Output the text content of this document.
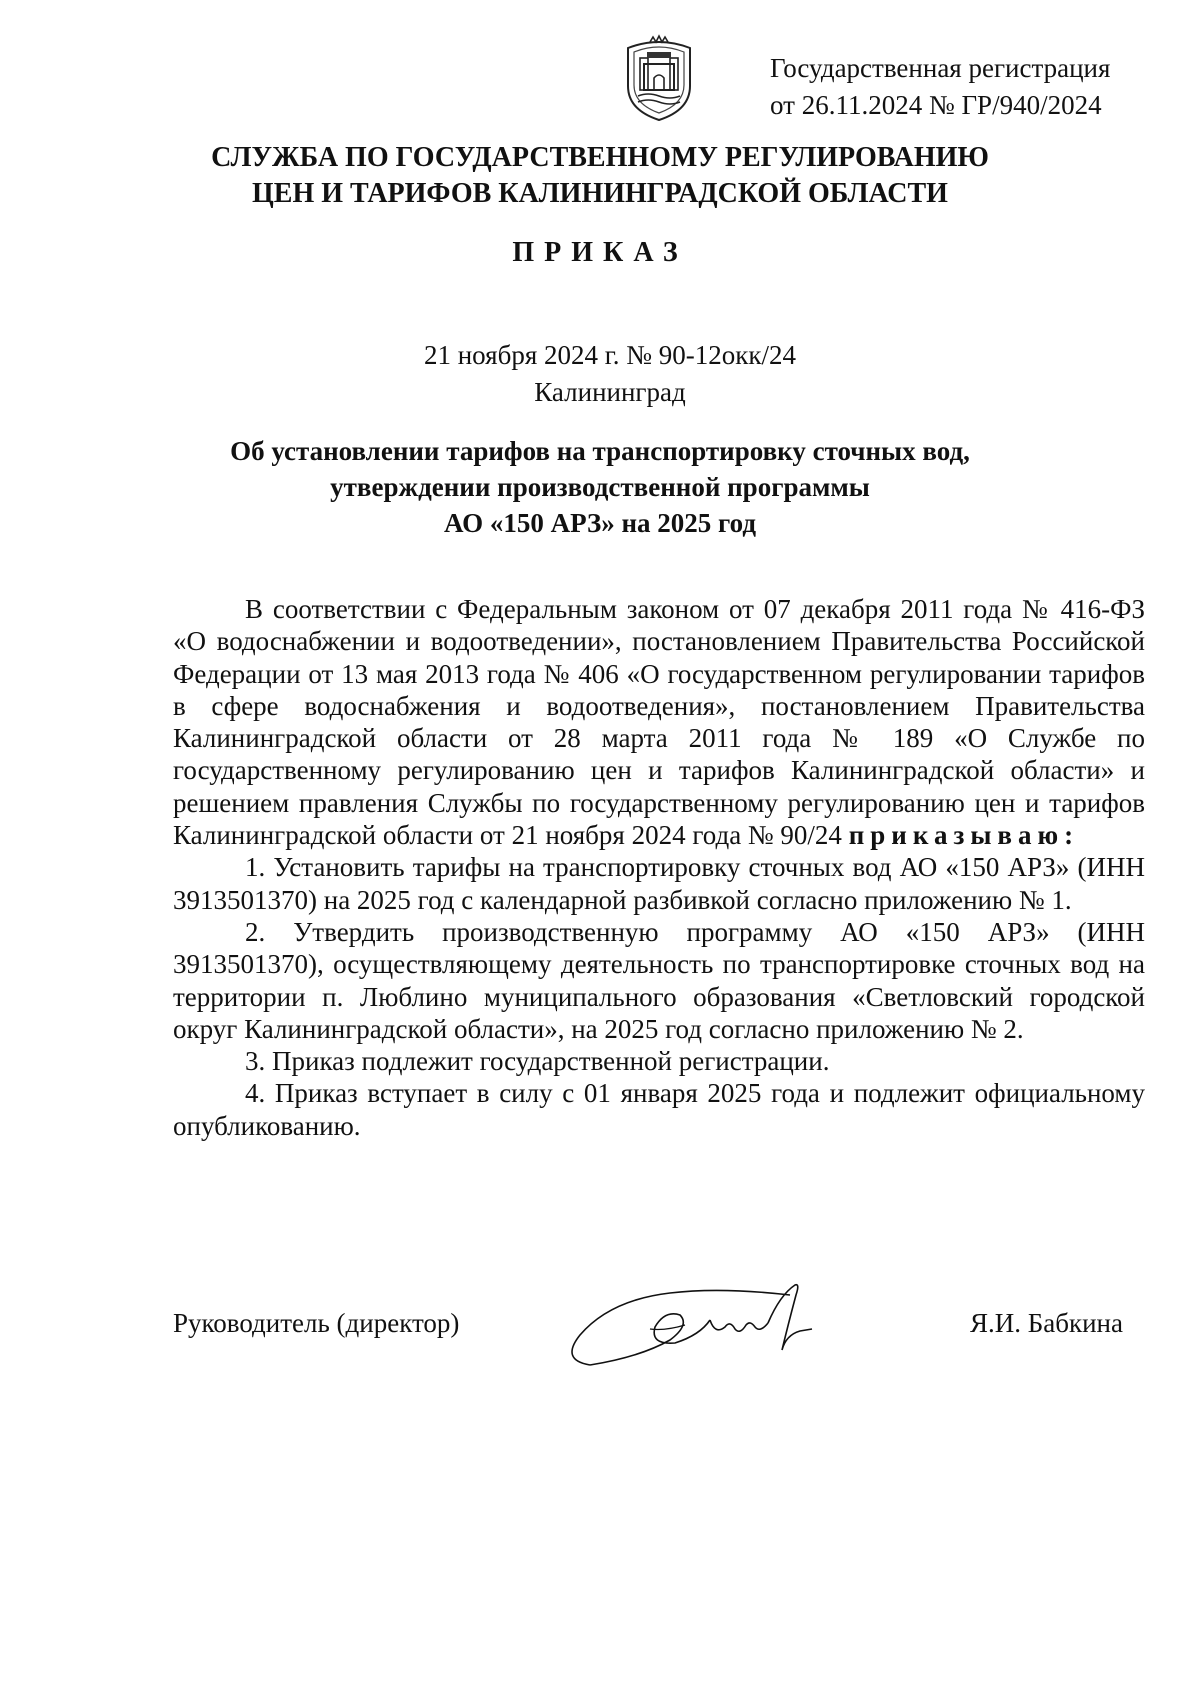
Государственная регистрация
от 26.11.2024 № ГР/940/2024
СЛУЖБА ПО ГОСУДАРСТВЕННОМУ РЕГУЛИРОВАНИЮ
ЦЕН И ТАРИФОВ КАЛИНИНГРАДСКОЙ ОБЛАСТИ
ПРИКАЗ
21 ноября 2024 г. № 90-12окк/24
Калининград
Об установлении тарифов на транспортировку сточных вод,
утверждении производственной программы
АО «150 АРЗ» на 2025 год

В соответствии с Федеральным законом от 07 декабря 2011 года № 416-ФЗ «О водоснабжении и водоотведении», постановлением Правительства Российской Федерации от 13 мая 2013 года № 406 «О государственном регулировании тарифов в сфере водоснабжения и водоотведения», постановлением Правительства Калининградской области от 28 марта 2011 года № 189 «О Службе по государственному регулированию цен и тарифов Калининградской области» и решением правления Службы по государственному регулированию цен и тарифов Калининградской области от 21 ноября 2024 года № 90/24 приказываю:

1. Установить тарифы на транспортировку сточных вод АО «150 АРЗ» (ИНН 3913501370) на 2025 год с календарной разбивкой согласно приложению № 1.

2. Утвердить производственную программу АО «150 АРЗ» (ИНН 3913501370), осуществляющему деятельность по транспортировке сточных вод на территории п. Люблино муниципального образования «Светловский городской округ Калининградской области», на 2025 год согласно приложению № 2.

3. Приказ подлежит государственной регистрации.

4. Приказ вступает в силу с 01 января 2025 года и подлежит официальному опубликованию.

Руководитель (директор)	Я.И. Бабкина
